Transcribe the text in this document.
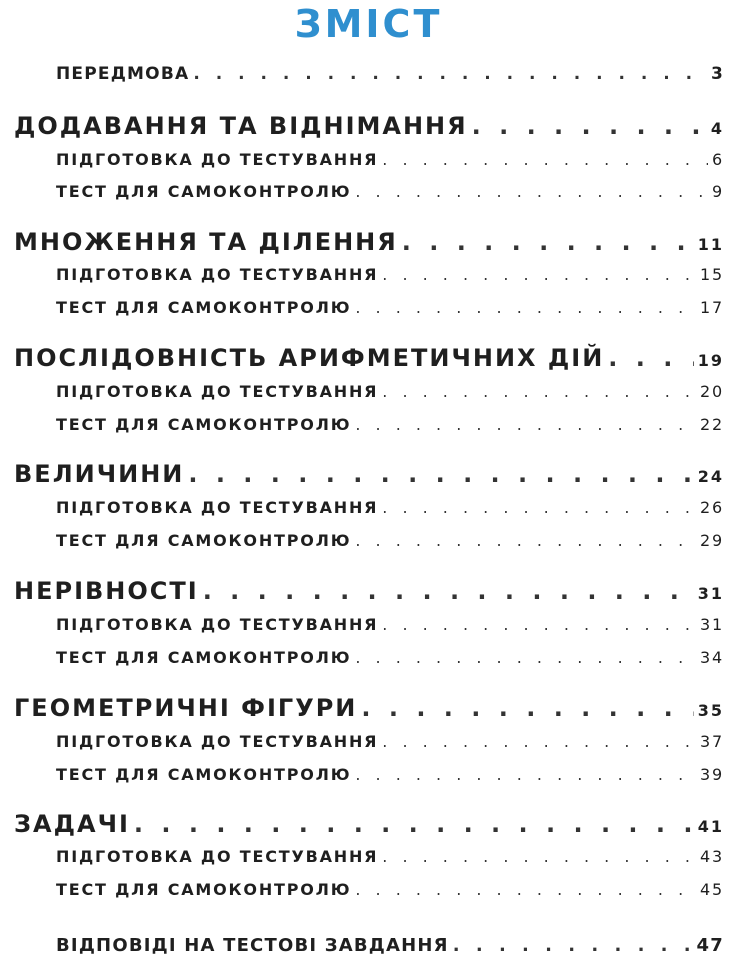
ЗМІСТ
ПЕРЕДМОВА . . .	3
ДОДАВАННЯ ТА ВІДНІМАННЯ . . .	4
ПІДГОТОВКА ДО ТЕСТУВАННЯ . . .	6
ТЕСТ ДЛЯ САМОКОНТРОЛЮ . . .	9
МНОЖЕННЯ ТА ДІЛЕННЯ . . .	11
ПІДГОТОВКА ДО ТЕСТУВАННЯ . . .	15
ТЕСТ ДЛЯ САМОКОНТРОЛЮ . . .	17
ПОСЛІДОВНІСТЬ АРИФМЕТИЧНИХ ДІЙ . . .	19
ПІДГОТОВКА ДО ТЕСТУВАННЯ . . .	20
ТЕСТ ДЛЯ САМОКОНТРОЛЮ . . .	22
ВЕЛИЧИНИ . . .	24
ПІДГОТОВКА ДО ТЕСТУВАННЯ . . .	26
ТЕСТ ДЛЯ САМОКОНТРОЛЮ . . .	29
НЕРІВНОСТІ . . .	31
ПІДГОТОВКА ДО ТЕСТУВАННЯ . . .	31
ТЕСТ ДЛЯ САМОКОНТРОЛЮ . . .	34
ГЕОМЕТРИЧНІ ФІГУРИ . . .	35
ПІДГОТОВКА ДО ТЕСТУВАННЯ . . .	37
ТЕСТ ДЛЯ САМОКОНТРОЛЮ . . .	39
ЗАДАЧІ . . .	41
ПІДГОТОВКА ДО ТЕСТУВАННЯ . . .	43
ТЕСТ ДЛЯ САМОКОНТРОЛЮ . . .	45
ВІДПОВІДІ НА ТЕСТОВІ ЗАВДАННЯ . . .	47
